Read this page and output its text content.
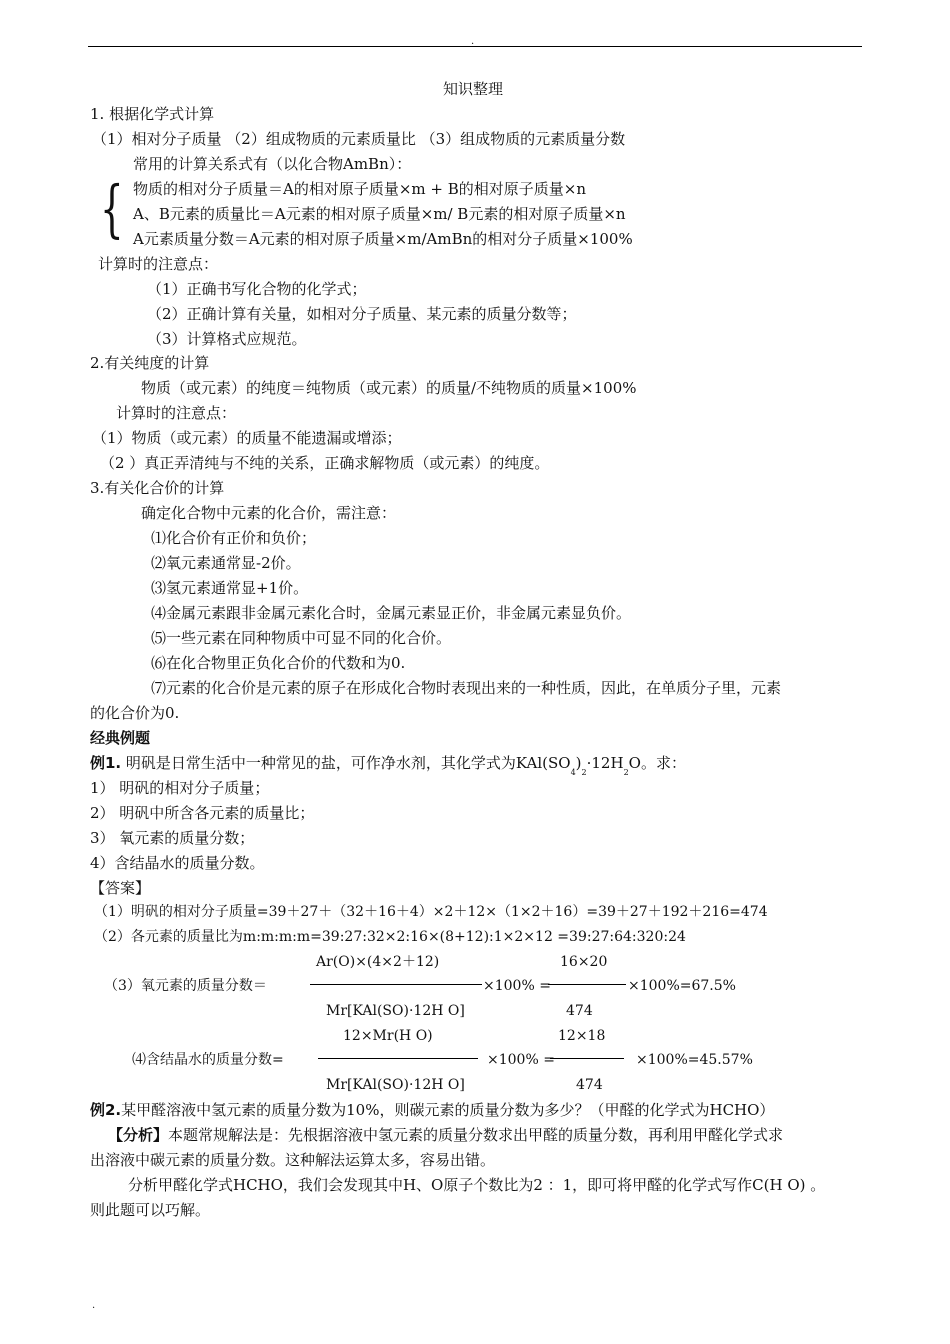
.
知识整理
1. 根据化学式计算
（1）相对分子质量 （2）组成物质的元素质量比 （3）组成物质的元素质量分数
常用的计算关系式有（以化合物AmBn）：
{ 物质的相对分子质量＝A的相对原子质量×m + B的相对原子质量×n
A、B元素的质量比＝A元素的相对原子质量×m/ B元素的相对原子质量×n
A元素质量分数＝A元素的相对原子质量×m/AmBn的相对分子质量×100%
计算时的注意点：
（1）正确书写化合物的化学式；
（2）正确计算有关量，如相对分子质量、某元素的质量分数等；
（3）计算格式应规范。
2.有关纯度的计算
物质（或元素）的纯度＝纯物质（或元素）的质量/不纯物质的质量×100%
计算时的注意点：
（1）物质（或元素）的质量不能遗漏或增添；
（2 ）真正弄清纯与不纯的关系，正确求解物质（或元素）的纯度。
3.有关化合价的计算
确定化合物中元素的化合价，需注意：
⑴化合价有正价和负价；
⑵氧元素通常显-2价。
⑶氢元素通常显+1价。
⑷金属元素跟非金属元素化合时，金属元素显正价，非金属元素显负价。
⑸一些元素在同种物质中可显不同的化合价。
⑹在化合物里正负化合价的代数和为0.
⑺元素的化合价是元素的原子在形成化合物时表现出来的一种性质，因此，在单质分子里，元素
的化合价为0.
经典例题
例1. 明矾是日常生活中一种常见的盐，可作净水剂，其化学式为$KAl(SO_4)_2\cdot 12H_2O$。求：
1） 明矾的相对分子质量；
2） 明矾中所含各元素的质量比；
3） 氧元素的质量分数；
4）含结晶水的质量分数。
【答案】
（1）明矾的相对分子质量=39＋27＋（32＋16＋4）×2＋12×（1×2＋16）=39＋27＋192＋216=474
（2）各元素的质量比为m:m:m:m=39:27:32×2:16×(8+12):1×2×12 =39:27:64:320:24
Ar(O)×(4×2＋12)	16×20
（3）氧元素的质量分数＝	×100% =	×100%=67.5%
Mr[KAl(SO)·12H O]	474
12×Mr(H O)	12×18
⑷含结晶水的质量分数=	×100% =	×100%=45.57%
Mr[KAl(SO)·12H O]	474
例2.某甲醛溶液中氢元素的质量分数为10%，则碳元素的质量分数为多少？（甲醛的化学式为HCHO）
【分析】本题常规解法是：先根据溶液中氢元素的质量分数求出甲醛的质量分数，再利用甲醛化学式求
出溶液中碳元素的质量分数。这种解法运算太多，容易出错。
分析甲醛化学式HCHO，我们会发现其中H、O原子个数比为2 ：1，即可将甲醛的化学式写作C(H O) 。
则此题可以巧解。
.
